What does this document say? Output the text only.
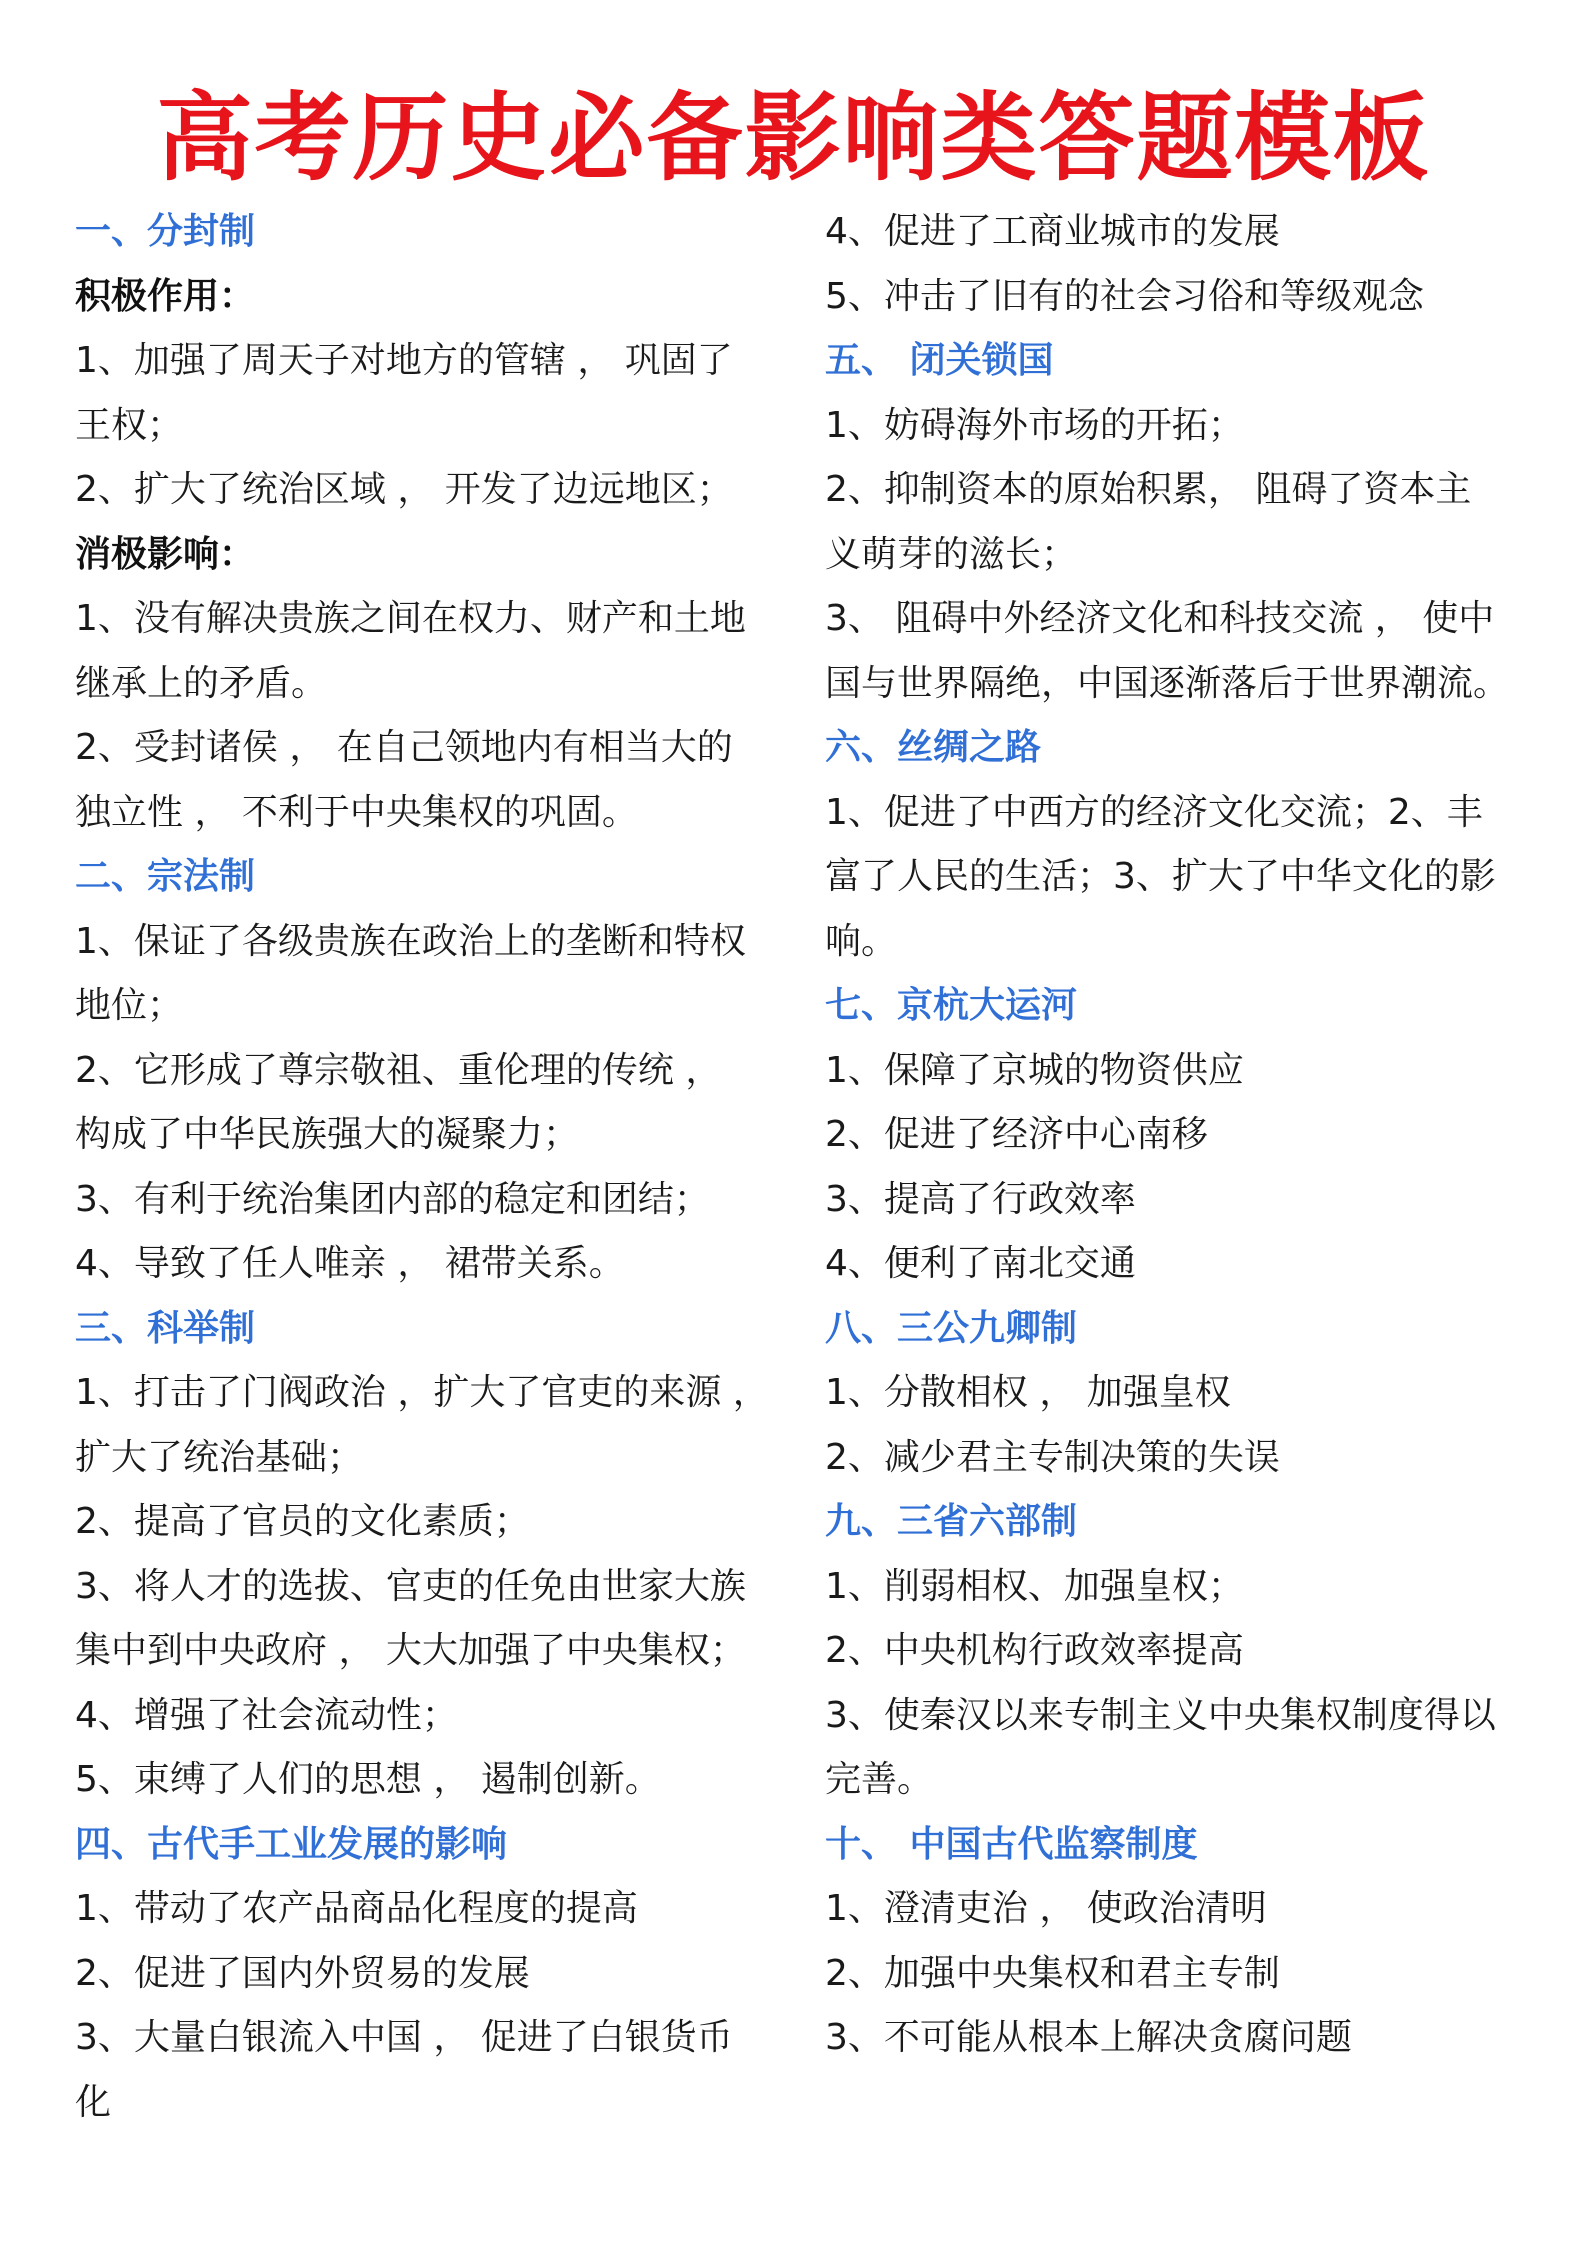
高考历史必备影响类答题模板
一、分封制
积极作用：
1、加强了周天子对地方的管辖 ， 巩固了
王权；
2、扩大了统治区域 ， 开发了边远地区；
消极影响：
1、没有解决贵族之间在权力、财产和土地
继承上的矛盾。
2、受封诸侯 ， 在自己领地内有相当大的
独立性 ， 不利于中央集权的巩固。
二、宗法制
1、保证了各级贵族在政治上的垄断和特权
地位；
2、它形成了尊宗敬祖、重伦理的传统 ，
构成了中华民族强大的凝聚力；
3、有利于统治集团内部的稳定和团结；
4、导致了任人唯亲 ， 裙带关系。
三、科举制
1、打击了门阀政治 ，扩大了官吏的来源 ，
扩大了统治基础；
2、提高了官员的文化素质；
3、将人才的选拔、官吏的任免由世家大族
集中到中央政府 ， 大大加强了中央集权；
4、增强了社会流动性；
5、束缚了人们的思想 ， 遏制创新。
四、古代手工业发展的影响
1、带动了农产品商品化程度的提高
2、促进了国内外贸易的发展
3、大量白银流入中国 ， 促进了白银货币
化
4、促进了工商业城市的发展
5、冲击了旧有的社会习俗和等级观念
五、 闭关锁国
1、妨碍海外市场的开拓；
2、抑制资本的原始积累， 阻碍了资本主
义萌芽的滋长；
3、 阻碍中外经济文化和科技交流 ， 使中
国与世界隔绝，中国逐渐落后于世界潮流。
六、丝绸之路
1、促进了中西方的经济文化交流；2、丰
富了人民的生活；3、扩大了中华文化的影
响。
七、京杭大运河
1、保障了京城的物资供应
2、促进了经济中心南移
3、提高了行政效率
4、便利了南北交通
八、三公九卿制
1、分散相权 ， 加强皇权
2、减少君主专制决策的失误
九、三省六部制
1、削弱相权、加强皇权；
2、中央机构行政效率提高
3、使秦汉以来专制主义中央集权制度得以
完善。
十、 中国古代监察制度
1、澄清吏治 ， 使政治清明
2、加强中央集权和君主专制
3、不可能从根本上解决贪腐问题
